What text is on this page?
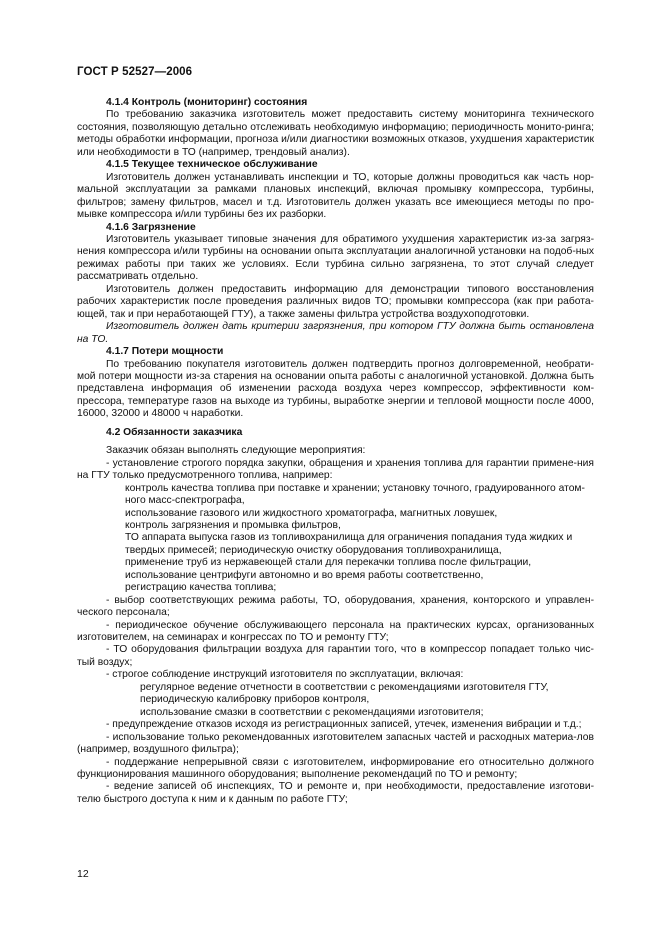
ГОСТ Р 52527—2006

4.1.4 Контроль (мониторинг) состояния

По требованию заказчика изготовитель может предоставить систему мониторинга технического состояния, позволяющую детально отслеживать необходимую информацию; периодичность монито-ринга; методы обработки информации, прогноза и/или диагностики возможных отказов, ухудшения характеристик или необходимости в ТО (например, трендовый анализ).

4.1.5 Текущее техническое обслуживание

Изготовитель должен устанавливать инспекции и ТО, которые должны проводиться как часть нор-мальной эксплуатации за рамками плановых инспекций, включая промывку компрессора, турбины, фильтров; замену фильтров, масел и т.д. Изготовитель должен указать все имеющиеся методы по про-мывке компрессора и/или турбины без их разборки.

4.1.6 Загрязнение

Изготовитель указывает типовые значения для обратимого ухудшения характеристик из-за загряз-нения компрессора и/или турбины на основании опыта эксплуатации аналогичной установки на подоб-ных режимах работы при таких же условиях. Если турбина сильно загрязнена, то этот случай следует рассматривать отдельно.

Изготовитель должен предоставить информацию для демонстрации типового восстановления рабочих характеристик после проведения различных видов ТО; промывки компрессора (как при работа-ющей, так и при неработающей ГТУ), а также замены фильтра устройства воздухоподготовки.

Изготовитель должен дать критерии загрязнения, при котором ГТУ должна быть остановлена на ТО.

4.1.7 Потери мощности

По требованию покупателя изготовитель должен подтвердить прогноз долговременной, необрати-мой потери мощности из-за старения на основании опыта работы с аналогичной установкой. Должна быть представлена информация об изменении расхода воздуха через компрессор, эффективности ком-прессора, температуре газов на выходе из турбины, выработке энергии и тепловой мощности после 4000, 16000, 32000 и 48000 ч наработки.

4.2 Обязанности заказчика

Заказчик обязан выполнять следующие мероприятия:

- установление строгого порядка закупки, обращения и хранения топлива для гарантии примене-ния на ГТУ только предусмотренного топлива, например:

контроль качества топлива при поставке и хранении; установку точного, градуированного атом-ного масс-спектрографа,

использование газового или жидкостного хроматографа, магнитных ловушек,

контроль загрязнения и промывка фильтров,

ТО аппарата выпуска газов из топливохранилища для ограничения попадания туда жидких и твердых примесей; периодическую очистку оборудования топливохранилища,

применение труб из нержавеющей стали для перекачки топлива после фильтрации,

использование центрифуги автономно и во время работы соответственно,

регистрацию качества топлива;

- выбор соответствующих режима работы, ТО, оборудования, хранения, конторского и управлен-ческого персонала;

- периодическое обучение обслуживающего персонала на практических курсах, организованных изготовителем, на семинарах и конгрессах по ТО и ремонту ГТУ;

- ТО оборудования фильтрации воздуха для гарантии того, что в компрессор попадает только чис-тый воздух;

- строгое соблюдение инструкций изготовителя по эксплуатации, включая:

регулярное ведение отчетности в соответствии с рекомендациями изготовителя ГТУ,

периодическую калибровку приборов контроля,

использование смазки в соответствии с рекомендациями изготовителя;

- предупреждение отказов исходя из регистрационных записей, утечек, изменения вибрации и т.д.;

- использование только рекомендованных изготовителем запасных частей и расходных материа-лов (например, воздушного фильтра);

- поддержание непрерывной связи с изготовителем, информирование его относительно должного функционирования машинного оборудования; выполнение рекомендаций по ТО и ремонту;

- ведение записей об инспекциях, ТО и ремонте и, при необходимости, предоставление изготови-телю быстрого доступа к ним и к данным по работе ГТУ;

12
